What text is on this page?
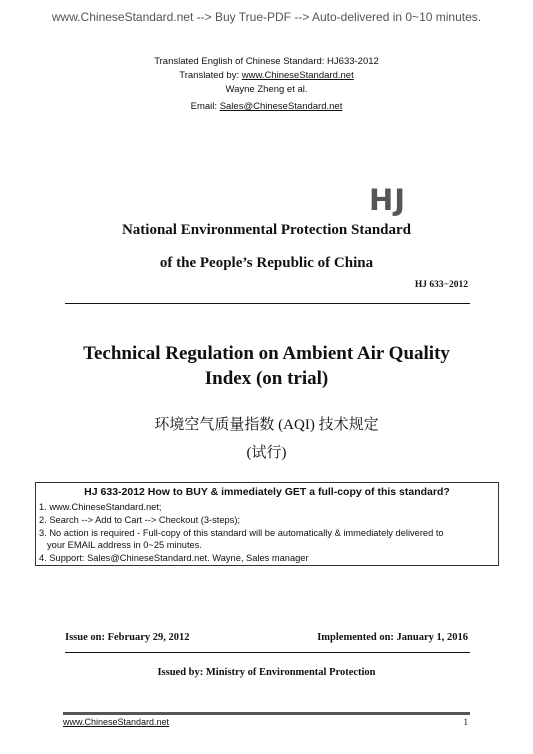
www.ChineseStandard.net --> Buy True-PDF --> Auto-delivered in 0~10 minutes.
Translated English of Chinese Standard: HJ633-2012
Translated by: www.ChineseStandard.net
Wayne Zheng et al.
Email: Sales@ChineseStandard.net
HJ
National Environmental Protection Standard
of the People’s Republic of China
HJ 633−2012
Technical Regulation on Ambient Air Quality
Index (on trial)
环境空气质量指数 (AQI) 技术规定
(试行)
HJ 633-2012 How to BUY & immediately GET a full-copy of this standard?
1. www.ChineseStandard.net;
2. Search --> Add to Cart --> Checkout (3-steps);
3. No action is required - Full-copy of this standard will be automatically & immediately delivered to
your EMAIL address in 0~25 minutes.
4. Support: Sales@ChineseStandard.net. Wayne, Sales manager
Issue on: February 29, 2012	Implemented on: January 1, 2016
Issued by: Ministry of Environmental Protection
www.ChineseStandard.net	1
